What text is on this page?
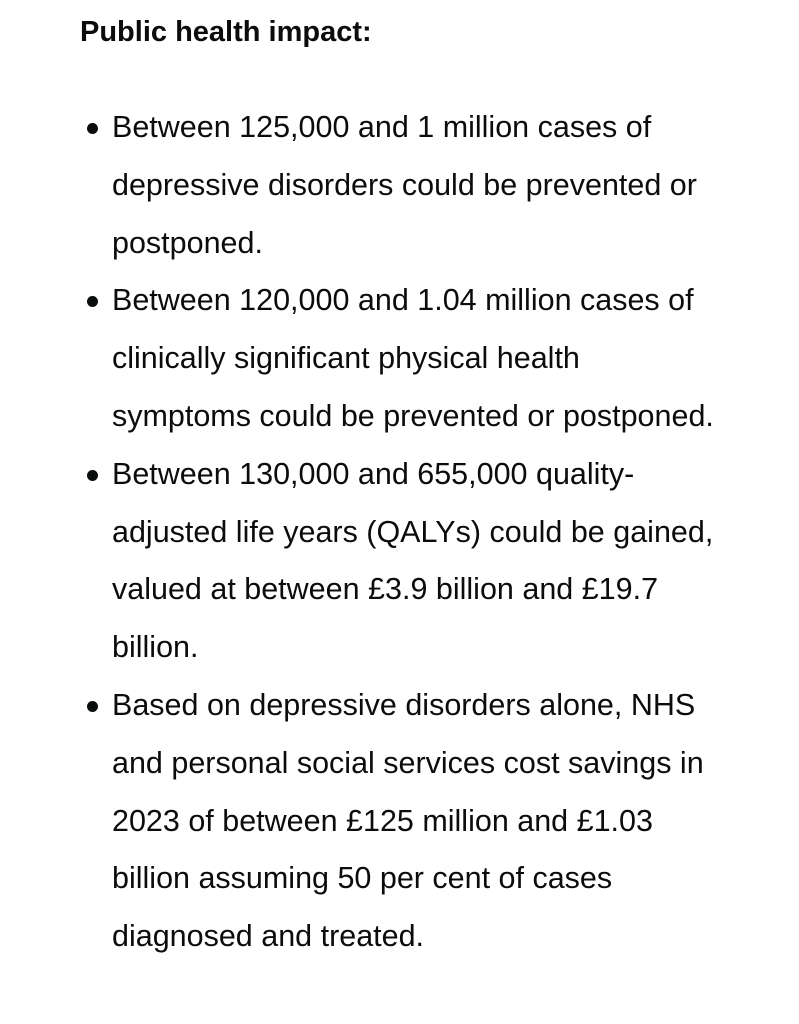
Public health impact:
Between 125,000 and 1 million cases of depressive disorders could be prevented or postponed.
Between 120,000 and 1.04 million cases of clinically significant physical health symptoms could be prevented or postponed.
Between 130,000 and 655,000 quality-adjusted life years (QALYs) could be gained, valued at between £3.9 billion and £19.7 billion.
Based on depressive disorders alone, NHS and personal social services cost savings in 2023 of between £125 million and £1.03 billion assuming 50 per cent of cases diagnosed and treated.
